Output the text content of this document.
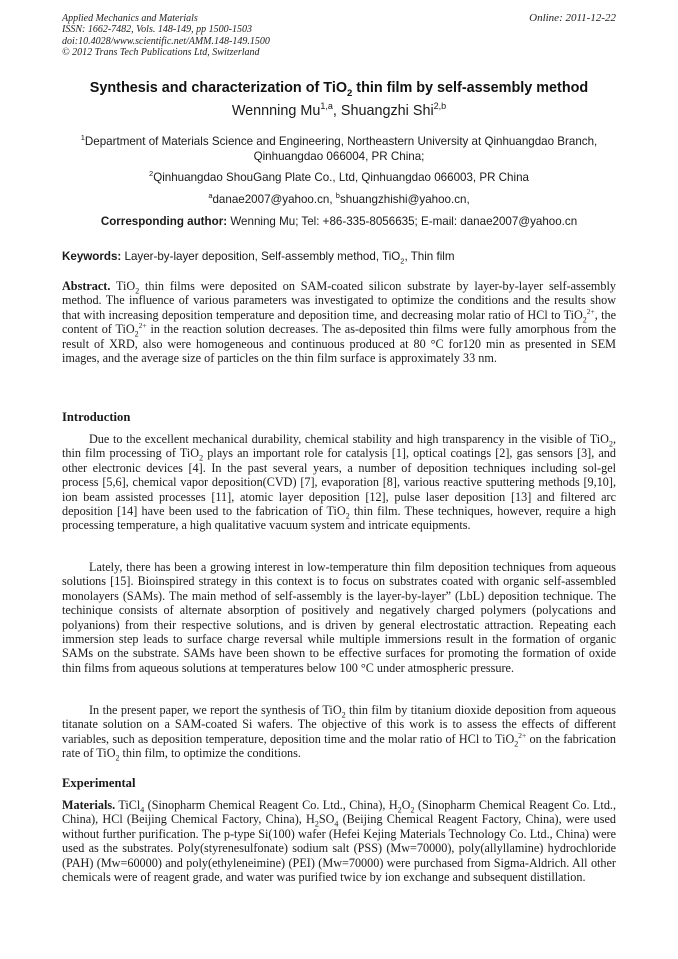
Applied Mechanics and Materials	Online: 2011-12-22
ISSN: 1662-7482, Vols. 148-149, pp 1500-1503
doi:10.4028/www.scientific.net/AMM.148-149.1500
© 2012 Trans Tech Publications Ltd, Switzerland
Synthesis and characterization of TiO$_2$ thin film by self-assembly method
Wennning Mu$^{1,a}$, Shuangzhi Shi$^{2,b}$
$^1$Department of Materials Science and Engineering, Northeastern University at Qinhuangdao Branch, Qinhuangdao 066004, PR China;
$^2$Qinhuangdao ShouGang Plate Co., Ltd, Qinhuangdao 066003, PR China
$^a$danae2007@yahoo.cn, $^b$shuangzhishi@yahoo.cn,
Corresponding author: Wenning Mu; Tel: +86-335-8056635; E-mail: danae2007@yahoo.cn
Keywords: Layer-by-layer deposition, Self-assembly method, TiO$_2$, Thin film
Abstract. TiO$_2$ thin films were deposited on SAM-coated silicon substrate by layer-by-layer self-assembly method. The influence of various parameters was investigated to optimize the conditions and the results show that with increasing deposition temperature and deposition time, and decreasing molar ratio of HCl to TiO$_2^{2+}$, the content of TiO$_2^{2+}$ in the reaction solution decreases. The as-deposited thin films were fully amorphous from the result of XRD, also were homogeneous and continuous produced at 80 °C for120 min as presented in SEM images, and the average size of particles on the thin film surface is approximately 33 nm.
Introduction
Due to the excellent mechanical durability, chemical stability and high transparency in the visible of TiO$_2$, thin film processing of TiO$_2$ plays an important role for catalysis [1], optical coatings [2], gas sensors [3], and other electronic devices [4]. In the past several years, a number of deposition techniques including sol-gel process [5,6], chemical vapor deposition(CVD) [7], evaporation [8], various reactive sputtering methods [9,10], ion beam assisted processes [11], atomic layer deposition [12], pulse laser deposition [13] and filtered arc deposition [14] have been used to the fabrication of TiO$_2$ thin film. These techniques, however, require a high processing temperature, a high qualitative vacuum system and intricate equipments.
Lately, there has been a growing interest in low-temperature thin film deposition techniques from aqueous solutions [15]. Bioinspired strategy in this context is to focus on substrates coated with organic self-assembled monolayers (SAMs). The main method of self-assembly is the layer-by-layer” (LbL) deposition technique. The techinique consists of alternate absorption of positively and negatively charged polymers (polycations and polyanions) from their respective solutions, and is driven by general electrostatic attraction. Repeating each immersion step leads to surface charge reversal while multiple immersions result in the formation of organic SAMs on the substrate. SAMs have been shown to be effective surfaces for promoting the formation of oxide thin films from aqueous solutions at temperatures below 100 °C under atmospheric pressure.
In the present paper, we report the synthesis of TiO$_2$ thin film by titanium dioxide deposition from aqueous titanate solution on a SAM-coated Si wafers. The objective of this work is to assess the effects of different variables, such as deposition temperature, deposition time and the molar ratio of HCl to TiO$_2^{2+}$ on the fabrication rate of TiO$_2$ thin film, to optimize the conditions.
Experimental
Materials. TiCl$_4$ (Sinopharm Chemical Reagent Co. Ltd., China), $H_2O_2$ (Sinopharm Chemical Reagent Co. Ltd., China), HCl (Beijing Chemical Factory, China), $H_2SO_4$ (Beijing Chemical Reagent Factory, China), were used without further purification. The p-type Si(100) wafer (Hefei Kejing Materials Technology Co. Ltd., China) were used as the substrates. Poly(styrenesulfonate) sodium salt (PSS) (Mw=70000), poly(allyllamine) hydrochloride (PAH) (Mw=60000) and poly(ethyleneimine) (PEI) (Mw=70000) were purchased from Sigma-Aldrich. All other chemicals were of reagent grade, and water was purified twice by ion exchange and subsequent distillation.
